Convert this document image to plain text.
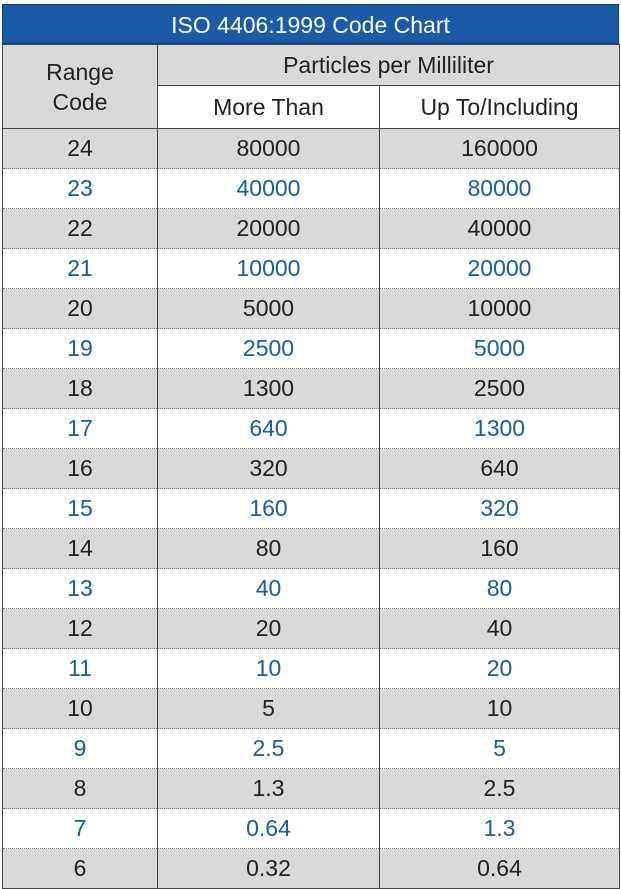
ISO 4406:1999 Code Chart
Range
Code	Particles per Milliliter	
	More Than	Up To/Including
24	80000	160000
23	40000	80000
22	20000	40000
21	10000	20000
20	5000	10000
19	2500	5000
18	1300	2500
17	640	1300
16	320	640
15	160	320
14	80	160
13	40	80
12	20	40
11	10	20
10	5	10
9	2.5	5
8	1.3	2.5
7	0.64	1.3
6	0.32	0.64
